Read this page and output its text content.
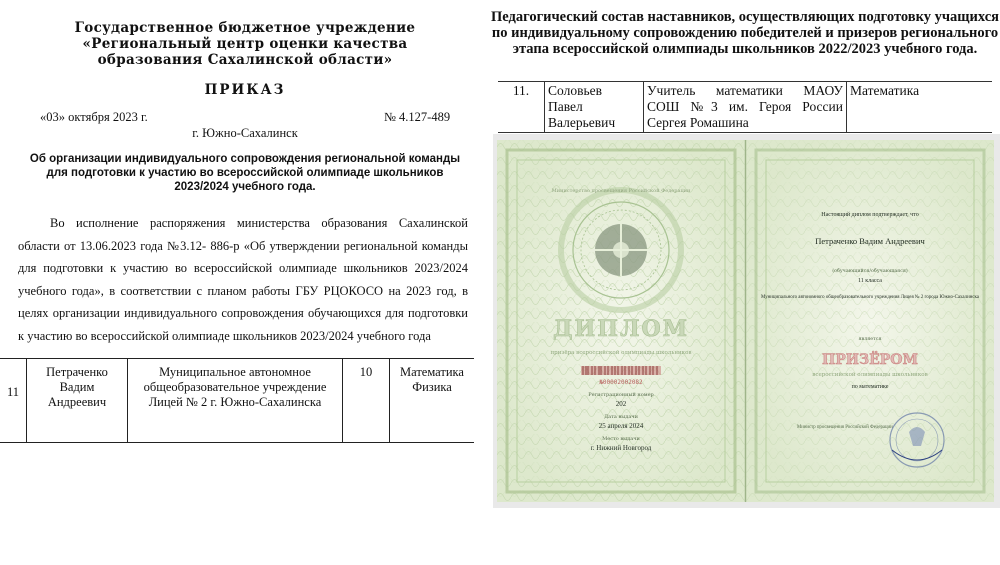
Государственное бюджетное учреждение
«Региональный центр оценки качества
образования Сахалинской области»
ПРИКАЗ
«03» октября 2023 г.	№ 4.127-489
г. Южно-Сахалинск
Об организации индивидуального сопровождения региональной команды для подготовки к участию во всероссийской олимпиаде школьников 2023/2024 учебного года.
Во исполнение распоряжения министерства образования Сахалинской области от 13.06.2023 года №3.12- 886-р «Об утверждении региональной команды для подготовки к участию во всероссийской олимпиаде школьников 2023/2024 учебного года», в соответствии с планом работы ГБУ РЦОКОСО на 2023 год, в целях организации индивидуального сопровождения обучающихся для подготовки к участию во всероссийской олимпиаде школьников 2023/2024 учебного года
11	Петраченко Вадим Андреевич	Муниципальное автономное общеобразовательное учреждение Лицей № 2 г. Южно-Сахалинска	10	Математика Физика
Педагогический состав наставников, осуществляющих подготовку учащихся по индивидуальному сопровождению победителей и призеров регионального этапа всероссийской олимпиады школьников 2022/2023 учебного года.
11.	Соловьев Павел Валерьевич	Учитель математики МАОУ СОШ №3 им. Героя России Сергея Ромашина	Математика
Министерство просвещения Российской Федерации
ДИПЛОМ
призёра всероссийской олимпиады школьников
№00002002082
Регистрационный номер
202
Дата выдачи
25 апреля 2024
Место выдачи
г. Нижний Новгород
Настоящий диплом подтверждает, что
Петраченко Вадим Андреевич
(обучающийся/обучающаяся)
11 класса
Муниципального автономного общеобразовательного учреждения Лицея № 2 города Южно-Сахалинска
является
ПРИЗЁРОМ
всероссийской олимпиады школьников
по математике
Министр просвещения Российской Федерации
